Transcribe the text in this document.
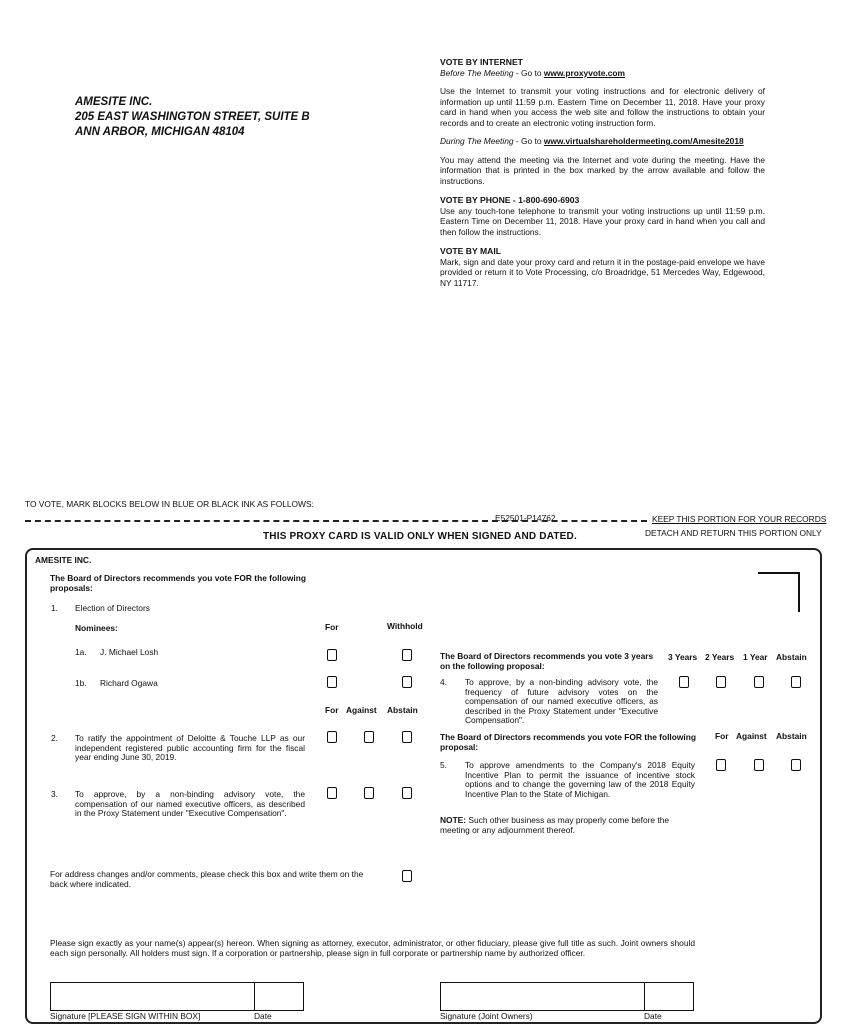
AMESITE INC.
205 EAST WASHINGTON STREET, SUITE B
ANN ARBOR, MICHIGAN 48104
VOTE BY INTERNET
Before The Meeting - Go to www.proxyvote.com

Use the Internet to transmit your voting instructions and for electronic delivery of information up until 11:59 p.m. Eastern Time on December 11, 2018. Have your proxy card in hand when you access the web site and follow the instructions to obtain your records and to create an electronic voting instruction form.

During The Meeting - Go to www.virtualshareholdermeeting.com/Amesite2018

You may attend the meeting via the Internet and vote during the meeting. Have the information that is printed in the box marked by the arrow available and follow the instructions.

VOTE BY PHONE - 1-800-690-6903

Use any touch-tone telephone to transmit your voting instructions up until 11:59 p.m. Eastern Time on December 11, 2018. Have your proxy card in hand when you call and then follow the instructions.

VOTE BY MAIL

Mark, sign and date your proxy card and return it in the postage-paid envelope we have provided or return it to Vote Processing, c/o Broadridge, 51 Mercedes Way, Edgewood, NY 11717.

TO VOTE, MARK BLOCKS BELOW IN BLUE OR BLACK INK AS FOLLOWS:
E52501-P14762	KEEP THIS PORTION FOR YOUR RECORDS
DETACH AND RETURN THIS PORTION ONLY
THIS PROXY CARD IS VALID ONLY WHEN SIGNED AND DATED.
AMESITE INC.
The Board of Directors recommends you vote FOR the following proposals:
1. Election of Directors
Nominees:	For	Withhold
1a. J. Michael Losh
1b. Richard Ogawa
For Against Abstain
2. To ratify the appointment of Deloitte & Touche LLP as our independent registered public accounting firm for the fiscal year ending June 30, 2019.
3. To approve, by a non-binding advisory vote, the compensation of our named executive officers, as described in the Proxy Statement under "Executive Compensation".
For address changes and/or comments, please check this box and write them on the back where indicated.
The Board of Directors recommends you vote 3 years on the following proposal:
3 Years 2 Years 1 Year Abstain
4. To approve, by a non-binding advisory vote, the frequency of future advisory votes on the compensation of our named executive officers, as described in the Proxy Statement under "Executive Compensation".
The Board of Directors recommends you vote FOR the following proposal:
For Against Abstain
5. To approve amendments to the Company's 2018 Equity Incentive Plan to permit the issuance of incentive stock options and to change the governing law of the 2018 Equity Incentive Plan to the State of Michigan.
NOTE: Such other business as may properly come before the meeting or any adjournment thereof.
Please sign exactly as your name(s) appear(s) hereon. When signing as attorney, executor, administrator, or other fiduciary, please give full title as such. Joint owners should each sign personally. All holders must sign. If a corporation or partnership, please sign in full corporate or partnership name by authorized officer.
Signature [PLEASE SIGN WITHIN BOX]	Date	Signature (Joint Owners)	Date
